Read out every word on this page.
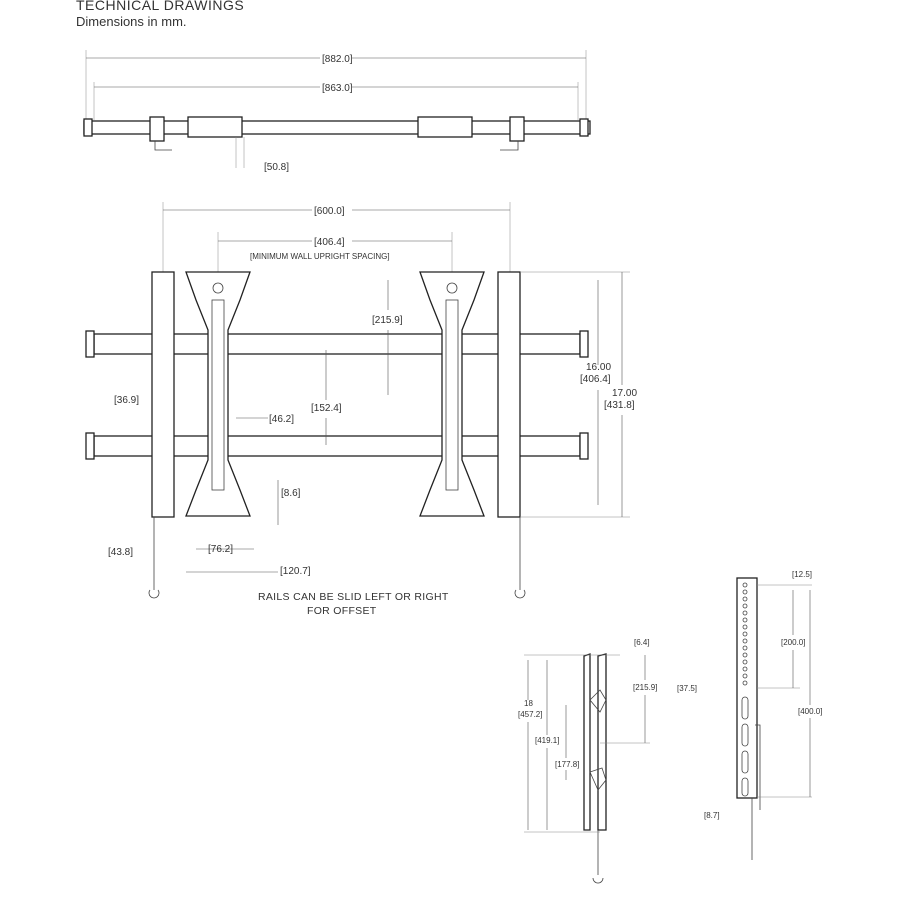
TECHNICAL DRAWINGS
Dimensions in mm.
[882.0]
[863.0]
[50.8]
[600.0]
[406.4]
[MINIMUM WALL UPRIGHT SPACING]
[215.9]
[152.4]
[46.2]
[36.9]
16.00
[406.4]
17.00
[431.8]
[8.6]
[43.8]	[76.2]
[120.7]
RAILS CAN BE SLID LEFT OR RIGHT
FOR OFFSET
18
[457.2]
[419.1]
[177.8]
[215.9]
[6.4]	[200.0]
[400.0]
[12.5]
[37.5]
[8.7]
